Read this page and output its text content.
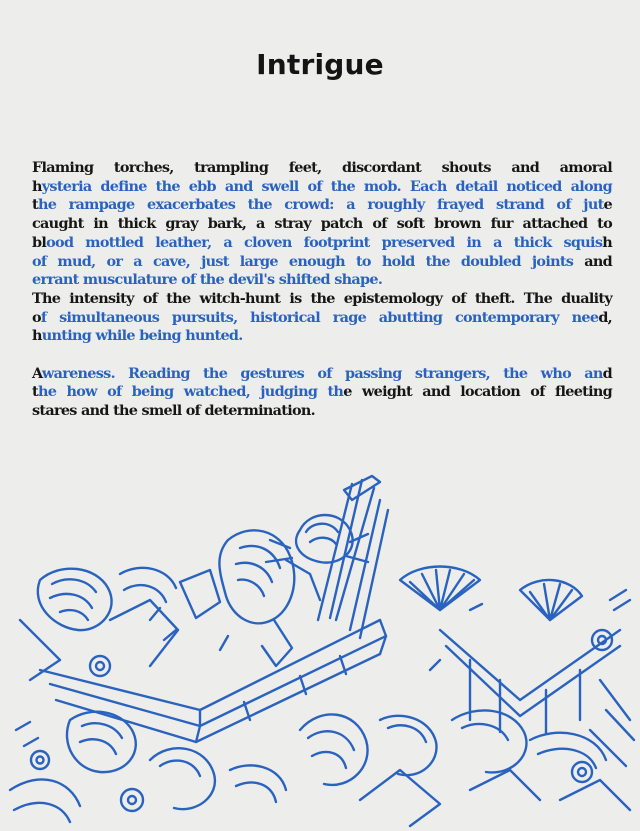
Intrigue
Flaming torches, trampling feet, discordant shouts and amoral
hysteria define the ebb and swell of the mob. Each detail noticed along
the rampage exacerbates the crowd: a roughly frayed strand of jute
caught in thick gray bark, a stray patch of soft brown fur attached to
blood mottled leather, a cloven footprint preserved in a thick squish
of mud, or a cave, just large enough to hold the doubled joints and
errant musculature of the devil's shifted shape.
The intensity of the witch-hunt is the epistemology of theft. The duality
of simultaneous pursuits, historical rage abutting contemporary need,
hunting while being hunted.
Awareness. Reading the gestures of passing strangers, the who and
the how of being watched, judging the weight and location of fleeting
stares and the smell of determination.
